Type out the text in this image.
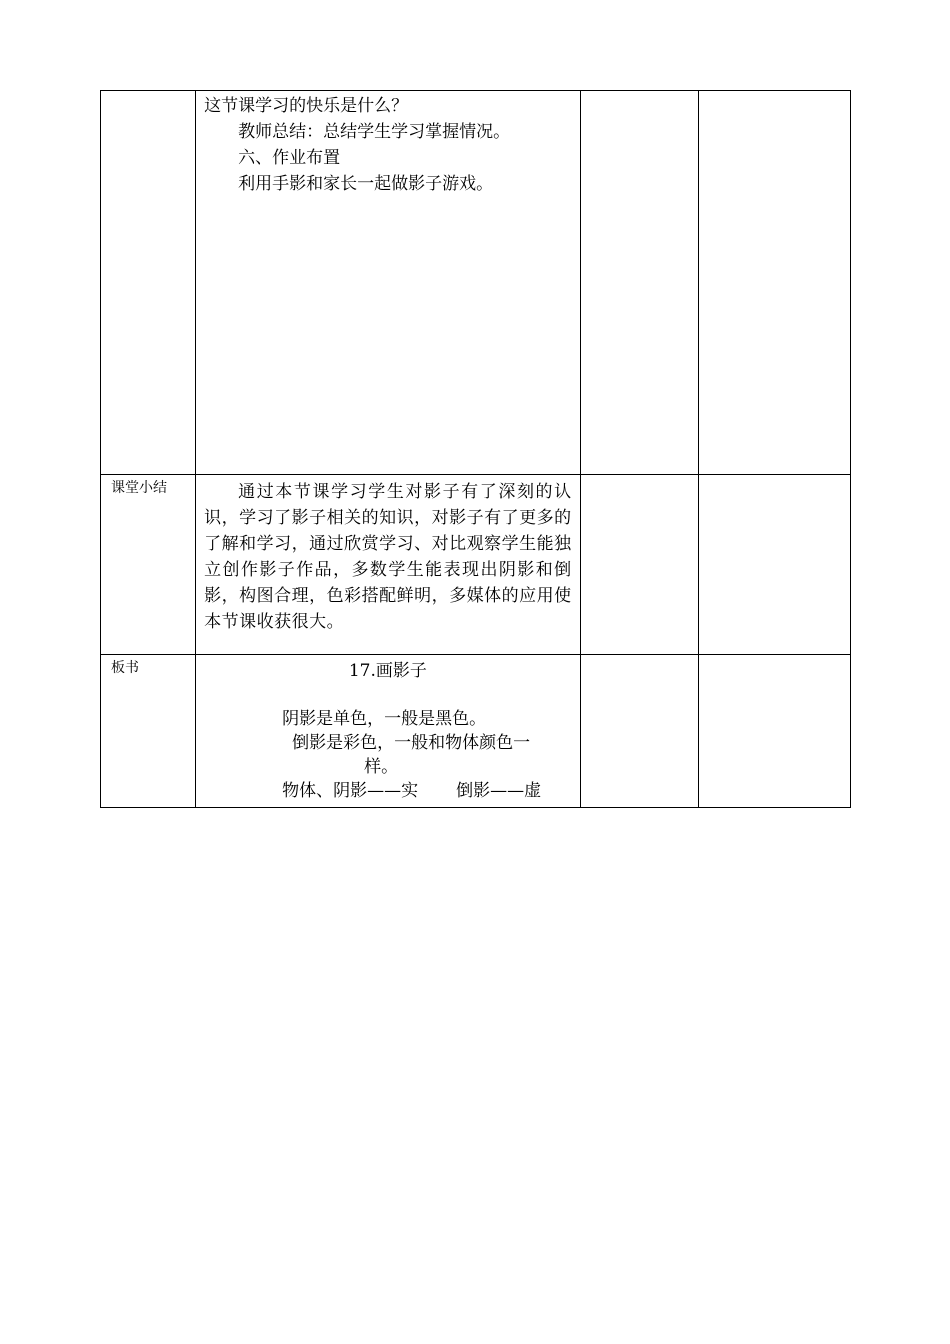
	这节课学习的快乐是什么？

教师总结：总结学生学习掌握情况。

六、作业布置

利用手影和家长一起做影子游戏。		

课堂小结	通过本节课学习学生对影子有了深刻的认识，学习了影子相关的知识，对影子有了更多的了解和学习，通过欣赏学习、对比观察学生能独立创作影子作品，多数学生能表现出阴影和倒影，构图合理，色彩搭配鲜明，多媒体的应用使本节课收获很大。		

板书	17.画影子

阴影是单色，一般是黑色。

倒影是彩色，一般和物体颜色一

样。

物体、阴影——实 倒影——虚		
